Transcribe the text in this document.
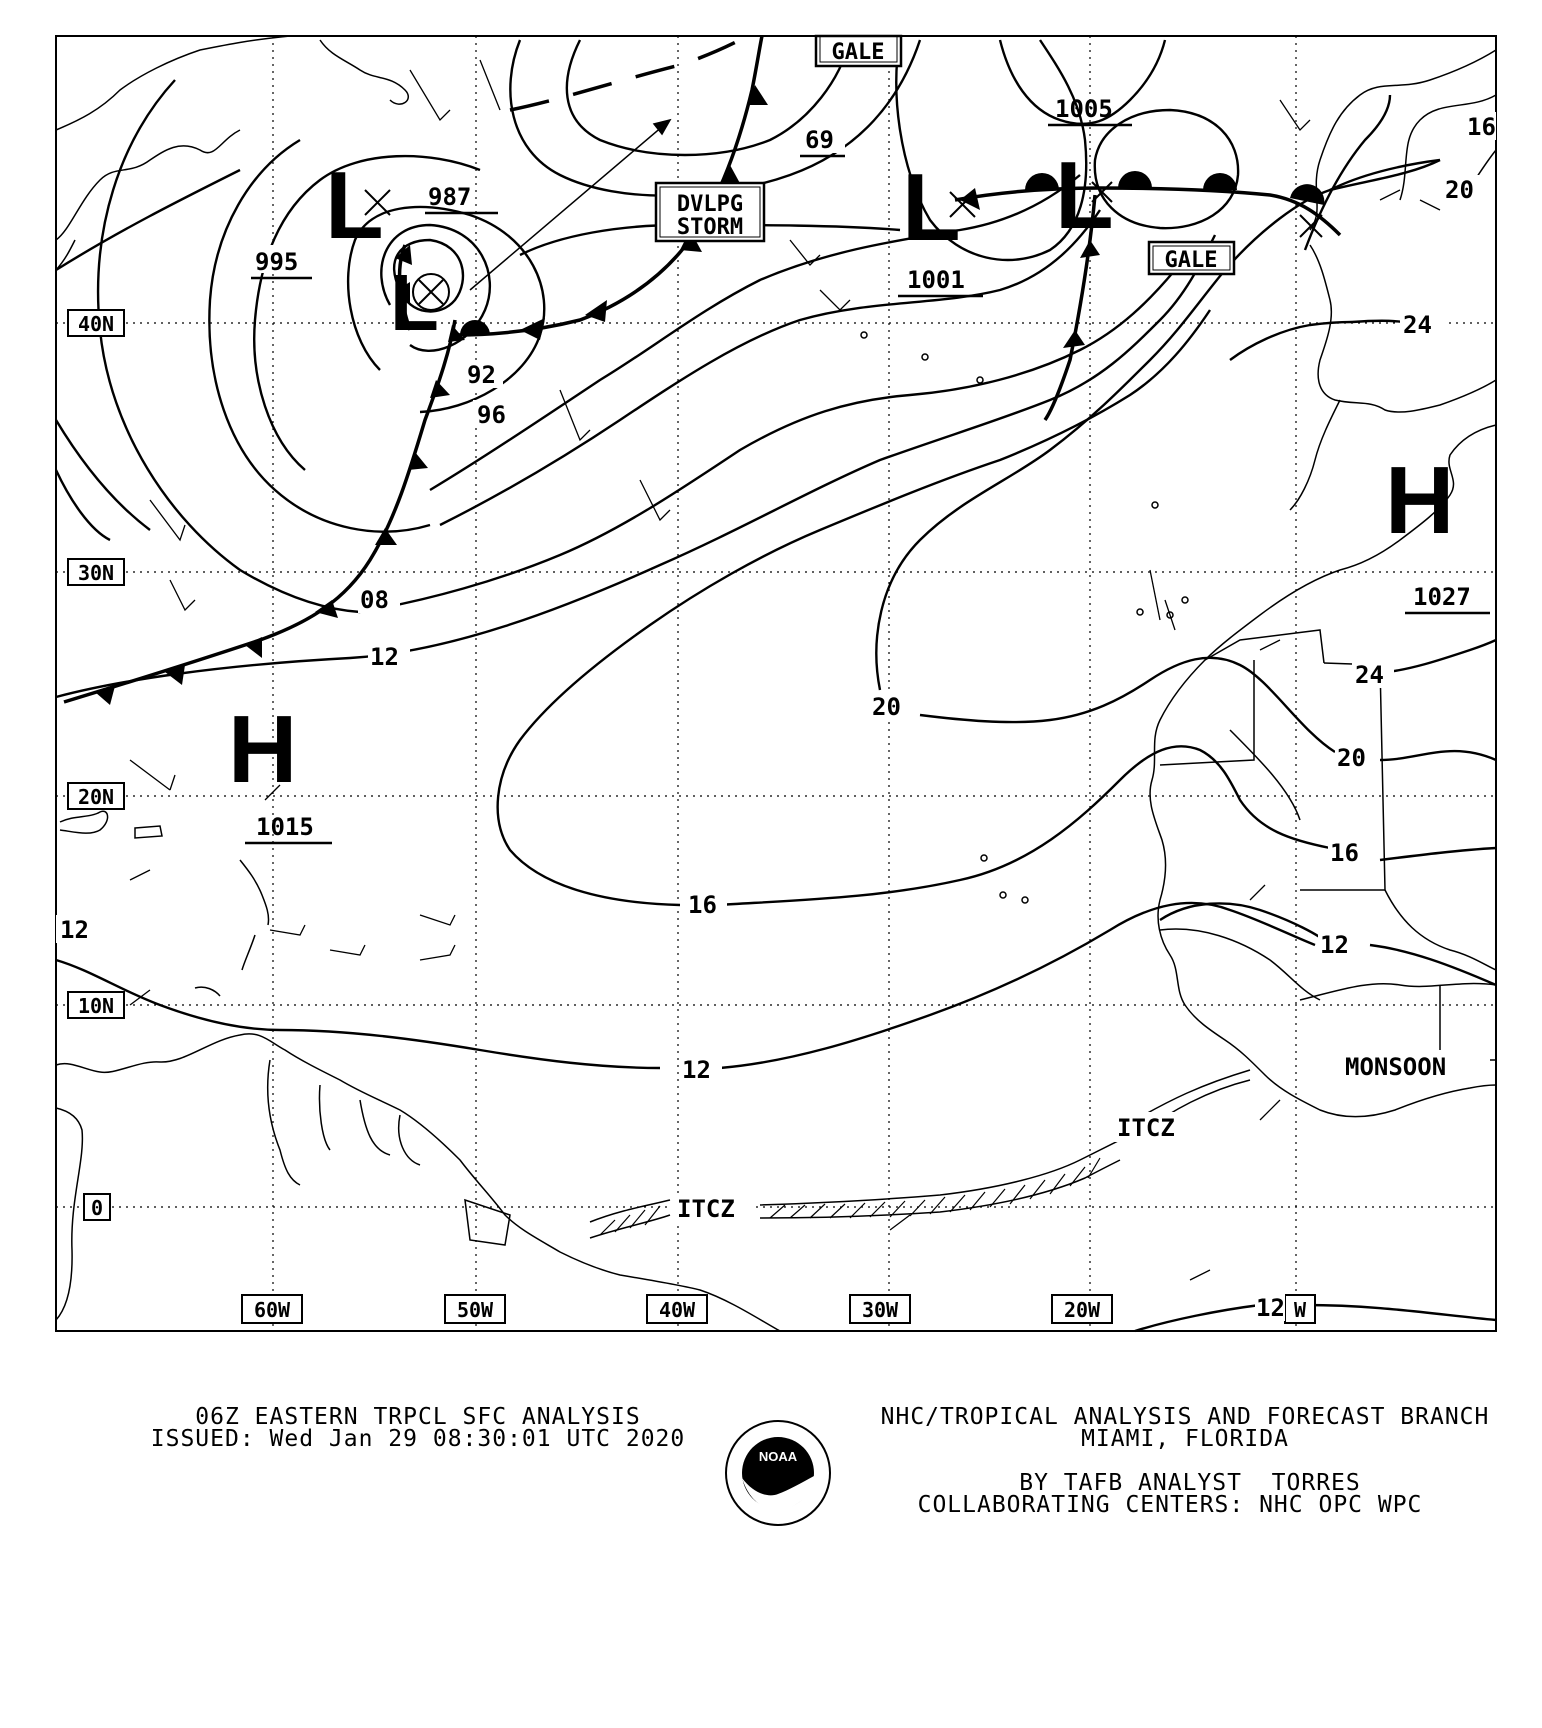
40N
30N
20N
10N
0
60W	50W	40W	30W	20W	W
L
L
L L
H
H
987
1001
1005
1015
1027
995
92
96
08
12
69
20
24
16
12
20
24
20
16
12
12
12
16
GALE
GALE
DVLPG
STORM
ITCZ
ITCZ
MONSOON
06Z EASTERN TRPCL SFC ANALYSIS
ISSUED: Wed Jan 29 08:30:01 UTC 2020
NHC/TROPICAL ANALYSIS AND FORECAST BRANCH
MIAMI, FLORIDA
BY TAFB ANALYST  TORRES
COLLABORATING CENTERS: NHC OPC WPC
NOAA
